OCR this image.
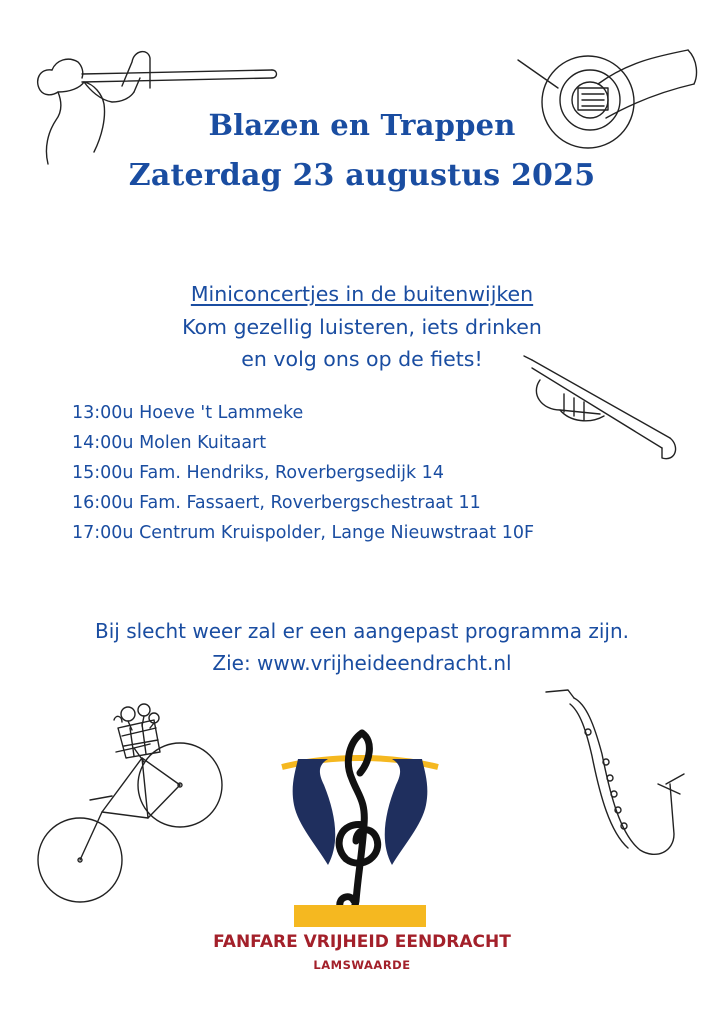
Blazen en Trappen
Zaterdag 23 augustus 2025
Miniconcertjes in de buitenwijken
Kom gezellig luisteren, iets drinken
en volg ons op de fiets!
13:00u Hoeve 't Lammeke
14:00u Molen Kuitaart
15:00u Fam. Hendriks, Roverbergsedijk 14
16:00u Fam. Fassaert, Roverbergschestraat 11
17:00u Centrum Kruispolder, Lange Nieuwstraat 10F
Bij slecht weer zal er een aangepast programma zijn.
Zie: www.vrijheideendracht.nl
FANFARE VRIJHEID EENDRACHT
LAMSWAARDE
